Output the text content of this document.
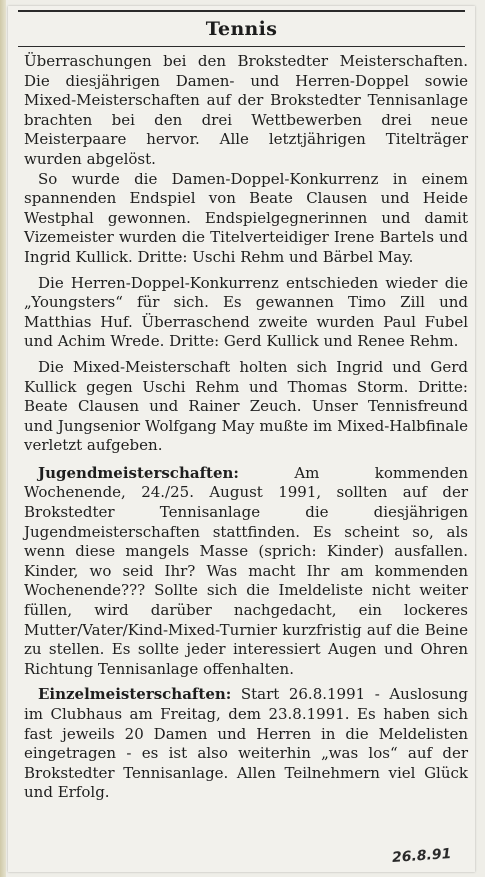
Tennis

Überraschungen bei den Brokstedter Meisterschaften. Die diesjährigen Damen- und Herren-Doppel sowie Mixed-Meisterschaften auf der Brokstedter Tennisanlage brachten bei den drei Wettbewerben drei neue Meisterpaare hervor. Alle letztjährigen Titelträger wurden abgelöst.

So wurde die Damen-Doppel-Konkurrenz in einem spannenden Endspiel von Beate Clausen und Heide Westphal gewonnen. Endspielgegnerinnen und damit Vizemeister wurden die Titelverteidiger Irene Bartels und Ingrid Kullick. Dritte: Uschi Rehm und Bärbel May.

Die Herren-Doppel-Konkurrenz entschieden wieder die „Youngsters“ für sich. Es gewannen Timo Zill und Matthias Huf. Überraschend zweite wurden Paul Fubel und Achim Wrede. Dritte: Gerd Kullick und Renee Rehm.

Die Mixed-Meisterschaft holten sich Ingrid und Gerd Kullick gegen Uschi Rehm und Thomas Storm. Dritte: Beate Clausen und Rainer Zeuch. Unser Tennisfreund und Jungsenior Wolfgang May mußte im Mixed-Halbfinale verletzt aufgeben.

Jugendmeisterschaften: Am kommenden Wochenende, 24./25. August 1991, sollten auf der Brokstedter Tennisanlage die diesjährigen Jugendmeisterschaften stattfinden. Es scheint so, als wenn diese mangels Masse (sprich: Kinder) ausfallen. Kinder, wo seid Ihr? Was macht Ihr am kommenden Wochenende??? Sollte sich die Imeldeliste nicht weiter füllen, wird darüber nachgedacht, ein lockeres Mutter/Vater/Kind-Mixed-Turnier kurzfristig auf die Beine zu stellen. Es sollte jeder interessiert Augen und Ohren Richtung Tennisanlage offenhalten.

Einzelmeisterschaften: Start 26.8.1991 - Auslosung im Clubhaus am Freitag, dem 23.8.1991. Es haben sich fast jeweils 20 Damen und Herren in die Meldelisten eingetragen - es ist also weiterhin „was los“ auf der Brokstedter Tennisanlage. Allen Teilnehmern viel Glück und Erfolg.

26.8.91
